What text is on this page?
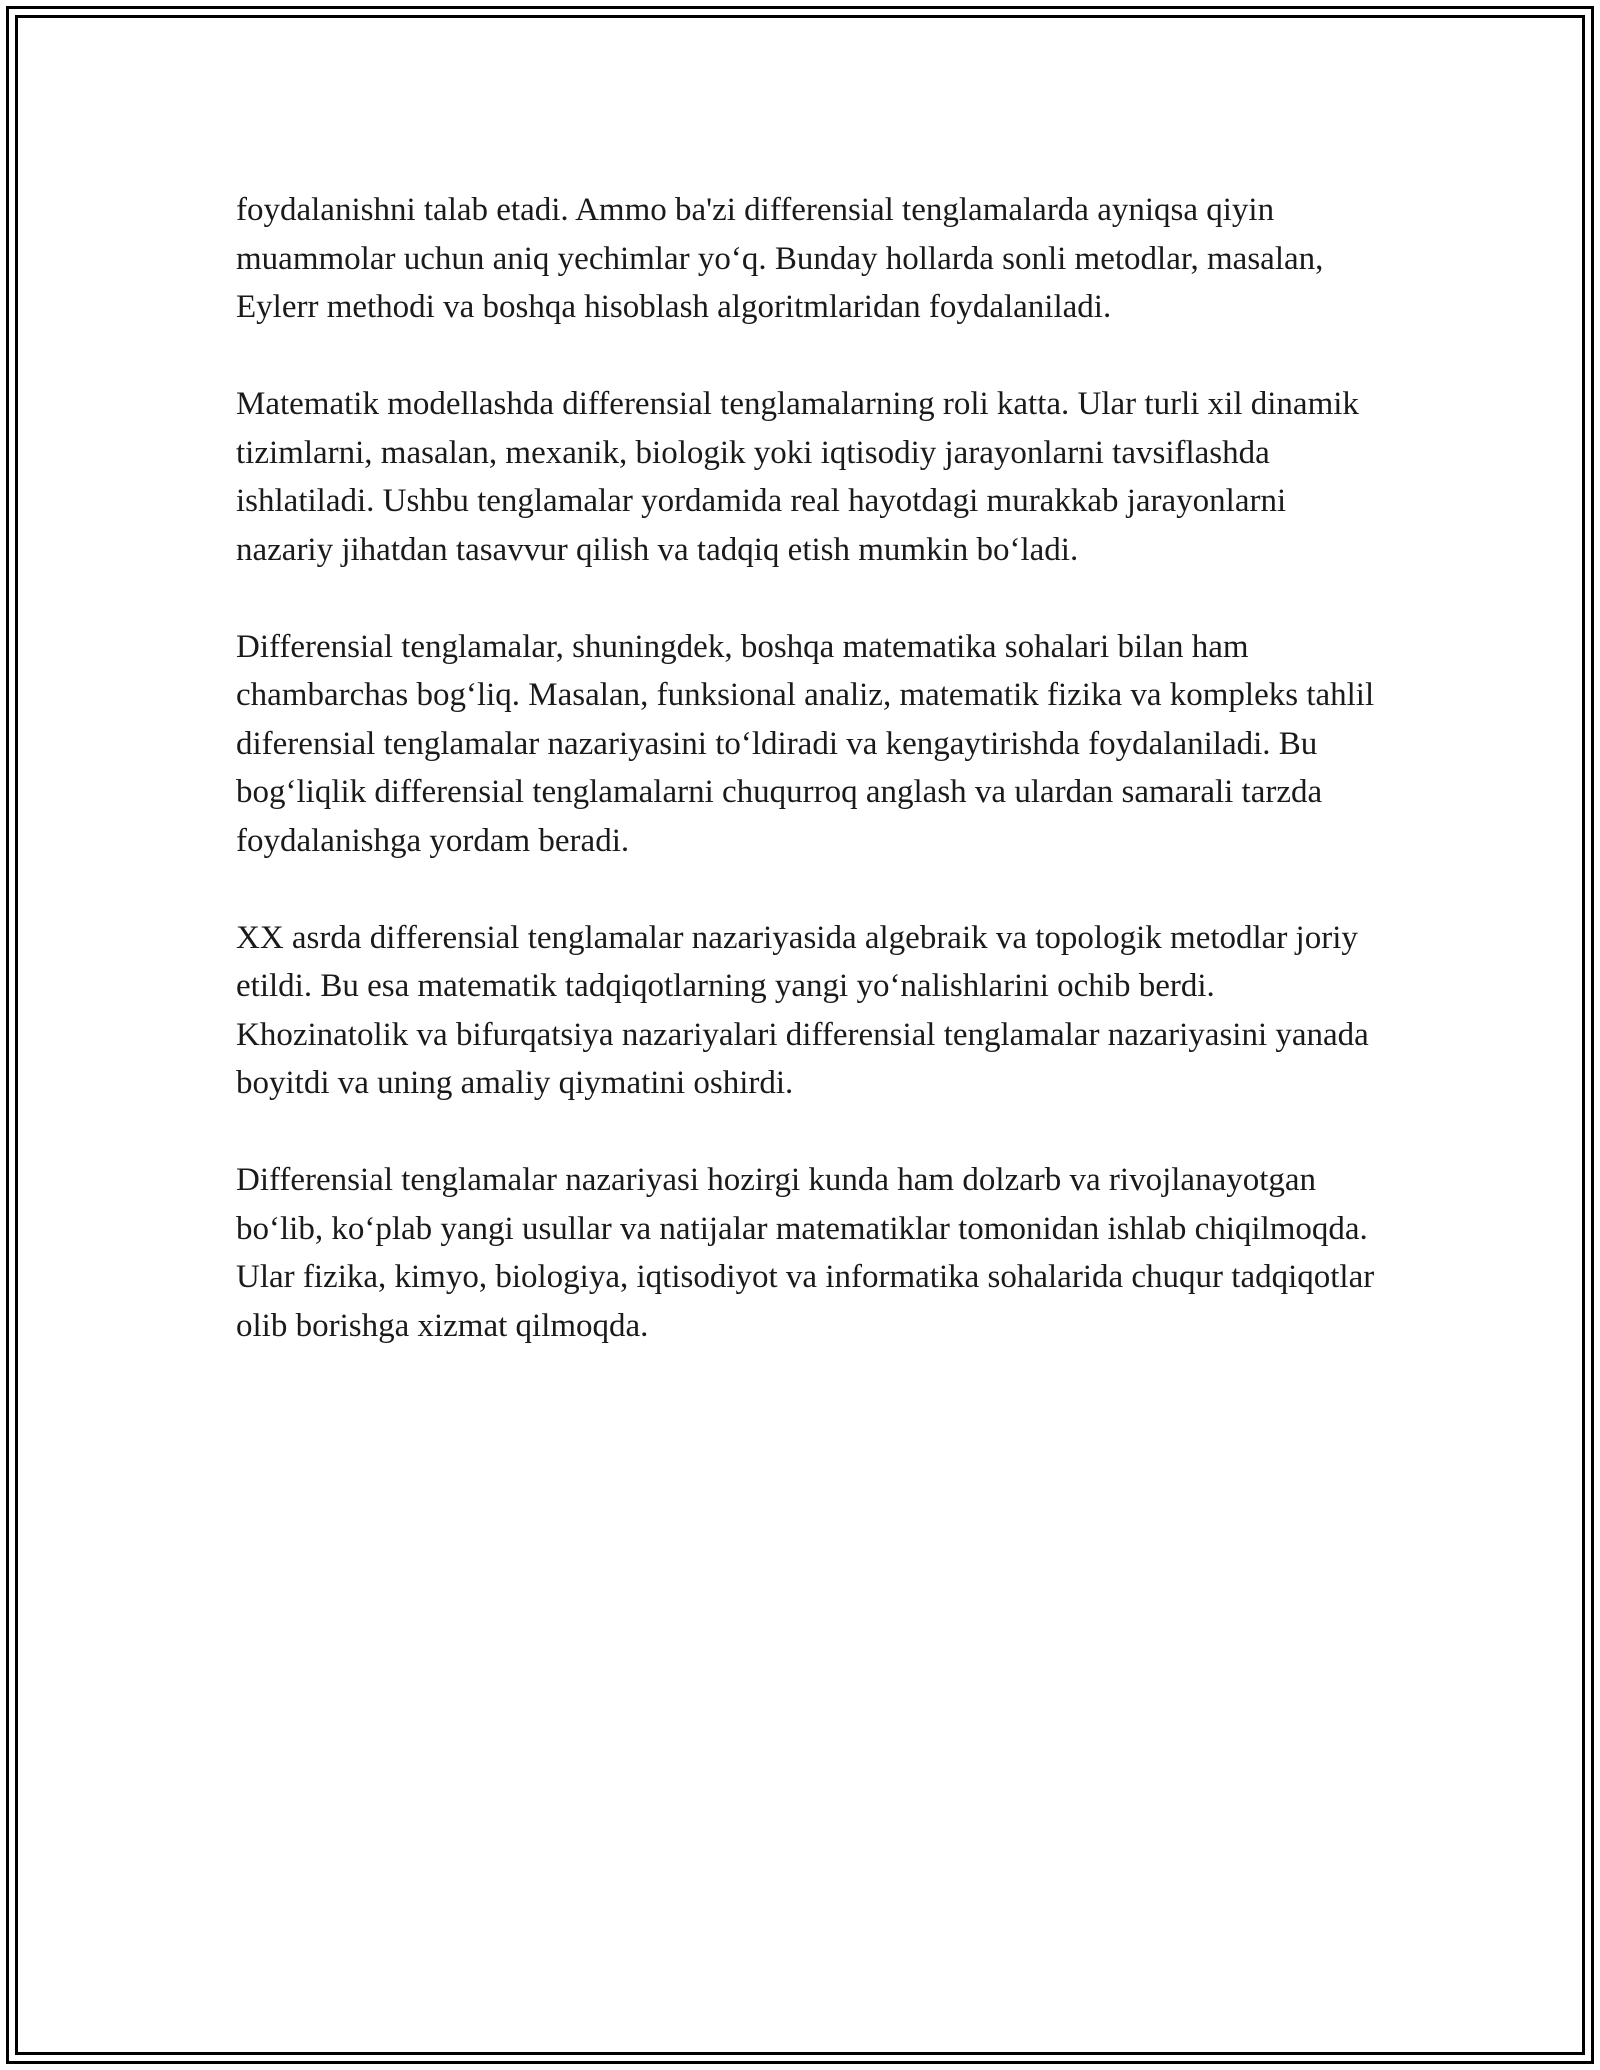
foydalanishni talab etadi. Ammo ba'zi differensial tenglamalarda ayniqsa qiyin muammolar uchun aniq yechimlar yo‘q. Bunday hollarda sonli metodlar, masalan, Eylerr methodi va boshqa hisoblash algoritmlaridan foydalaniladi.

Matematik modellashda differensial tenglamalarning roli katta. Ular turli xil dinamik tizimlarni, masalan, mexanik, biologik yoki iqtisodiy jarayonlarni tavsiflashda ishlatiladi. Ushbu tenglamalar yordamida real hayotdagi murakkab jarayonlarni nazariy jihatdan tasavvur qilish va tadqiq etish mumkin bo‘ladi.

Differensial tenglamalar, shuningdek, boshqa matematika sohalari bilan ham chambarchas bog‘liq. Masalan, funksional analiz, matematik fizika va kompleks tahlil diferensial tenglamalar nazariyasini to‘ldiradi va kengaytirishda foydalaniladi. Bu bog‘liqlik differensial tenglamalarni chuqurroq anglash va ulardan samarali tarzda foydalanishga yordam beradi.

XX asrda differensial tenglamalar nazariyasida algebraik va topologik metodlar joriy etildi. Bu esa matematik tadqiqotlarning yangi yo‘nalishlarini ochib berdi. Khozinatolik va bifurqatsiya nazariyalari differensial tenglamalar nazariyasini yanada boyitdi va uning amaliy qiymatini oshirdi.

Differensial tenglamalar nazariyasi hozirgi kunda ham dolzarb va rivojlanayotgan bo‘lib, ko‘plab yangi usullar va natijalar matematiklar tomonidan ishlab chiqilmoqda. Ular fizika, kimyo, biologiya, iqtisodiyot va informatika sohalarida chuqur tadqiqotlar olib borishga xizmat qilmoqda.
